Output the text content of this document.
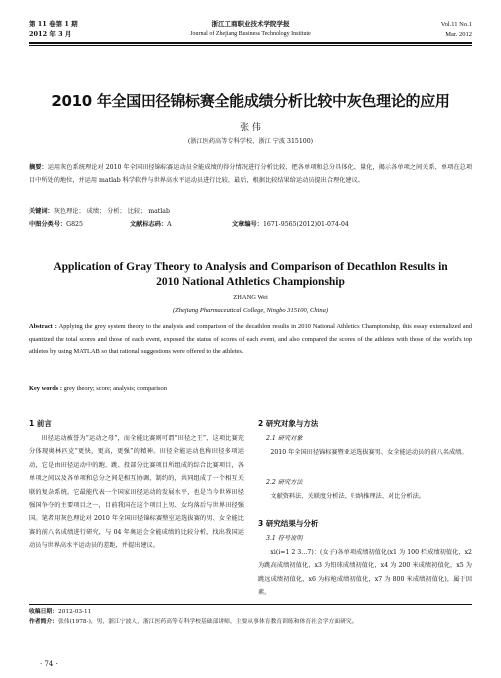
第 11 卷第 1 期
2012 年 3 月
浙江工商职业技术学院学报
Journal of Zhejiang Business Technology Institute
Vol.11 No.1
Mar. 2012
2010 年全国田径锦标赛全能成绩分析比较中灰色理论的应用
张 伟
(浙江医药高等专科学校，浙江 宁波 315100)
摘要：运用灰色系统理论对 2010 年全国田径锦标赛运动员全能成绩的得分情况进行分析比较，把各单项和总分具体化、量化，揭示各单项之间关系，单项在总项目中所处的地位，并运用 matlab 科学软件与世界高水平运动员进行比较，最后，根据比较结果给运动员提出合理化建议。
关键词：灰色理论； 成绩； 分析； 比较； matlab
中图分类号：G825	文献标志码：A	文章编号：1671-9565(2012)01-074-04
Application of Gray Theory to Analysis and Comparison of Decathlon Results in
2010 National Athletics Championship
ZHANG Wei
(Zhejiang Pharmaceutical College, Ningbo 315100, China)
Abstract : Applying the grey system theory to the analysis and comparison of the decathlon results in 2010 National Athletics Championship, this essay externalized and quantized the total scores and those of each event, exposed the status of scores of each event, and also compared the scores of the athletes with those of the world's top athletes by using MATLAB so that rational suggestions were offered to the athletes.
Key words : grey theory; score; analysis; comparison
1 前言
田径运动被誉为“运动之母”，而全能比赛则可谓“田径之王”，这项比赛充分体现奥林匹克“更快，更高，更强”的精神。田径全能运动也称田径多项运动，它是由田径运动中的跑、跳、投部分比赛项目所组成的综合比赛项目，各单项之间以及各单项和总分之间是相互协调、制约的，共同组成了一个相互关联的复杂系统。它最能代表一个国家田径运动的发展水平，也是当今世界田径强国争夺的主要项目之一，目前我国在这个项目上男、女均落后与世界田径强国。笔者用灰色理论对 2010 年全国田径锦标赛整室运选拔赛的男、女全能比赛的前八名成绩进行研究，与 04 年奥运会全能成绩的比较分析，找出我国运动员与世界高水平运动员的差距，并提出建议。
2 研究对象与方法
2.1 研究对象
2010 年全国田径锦标赛暨亚运选拔赛男、女全能运动员的前八名成绩。
2.2 研究方法
文献资料法、关联度分析法、归纳推理法、对比分析法。
3 研究结果与分析
3.1 符号说明
xi(i=1 2 3…7)：(女子)各单项成绩初值化(x1 为 100 栏成绩初值化，x2 为跳高成绩初值化，x3 为铅球成绩初值化，x4 为 200 米成绩初值化，x5 为跳远成绩初值化，x6 为标枪成绩初值化，x7 为 800 米成绩初值化)，属于因素。
收稿日期：2012-03-11
作者简介：张伟(1978-)，男，浙江宁波人，浙江医药高等专科学校基础部讲师，主要从事体育教育训练和体育社会学方面研究。
· 74 ·
